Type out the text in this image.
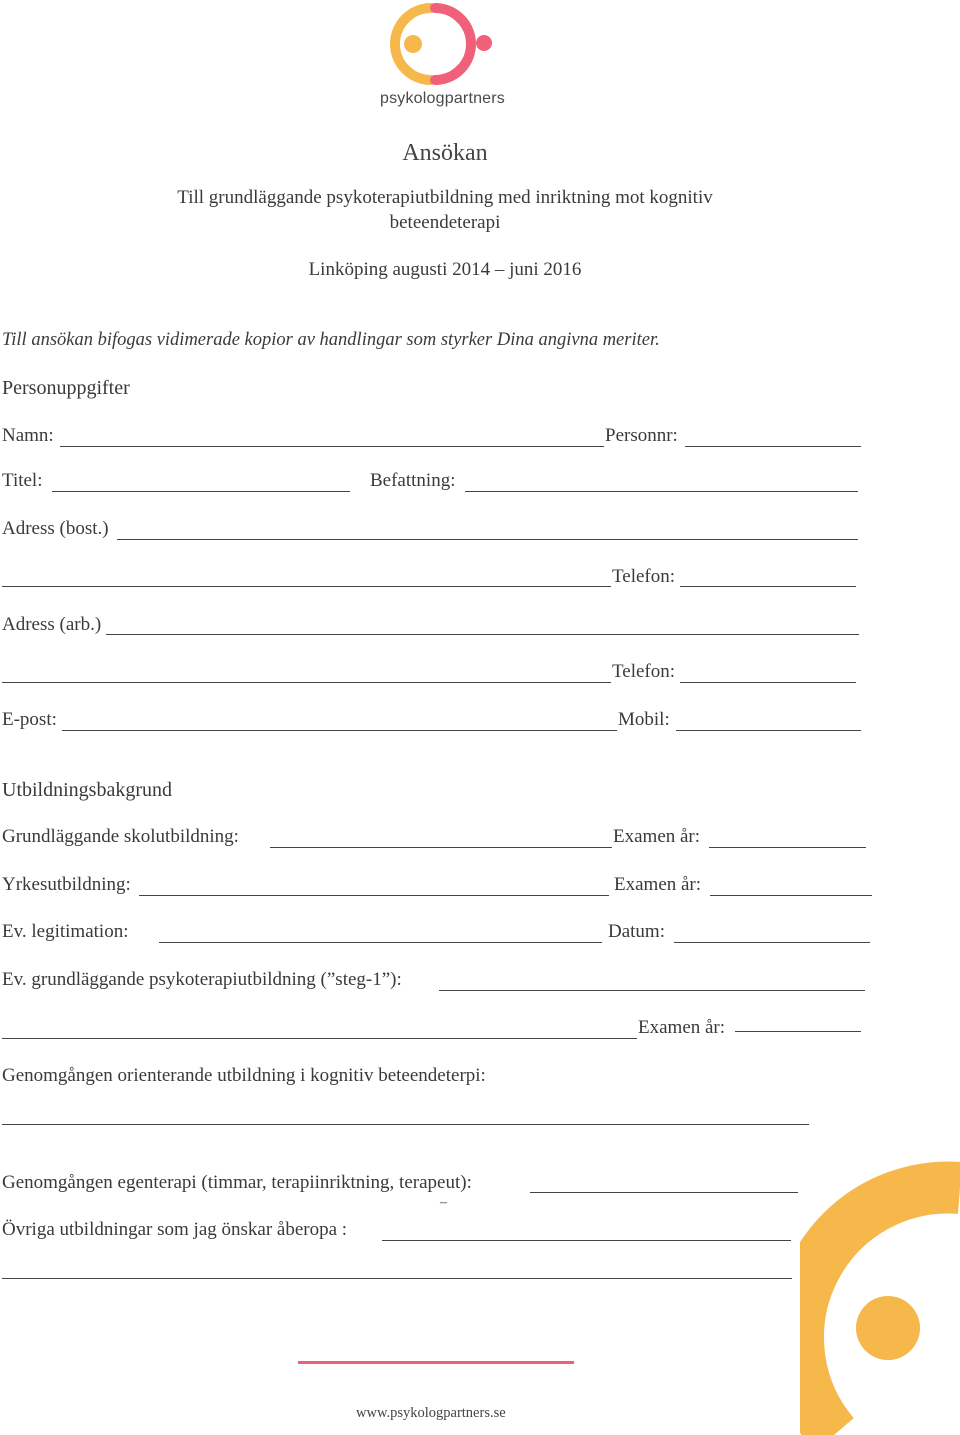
psykologpartners
Ansökan
Till grundläggande psykoterapiutbildning med inriktning mot kognitiv
beteendeterapi
Linköping augusti 2014 – juni 2016
Till ansökan bifogas vidimerade kopior av handlingar som styrker Dina angivna meriter.
Personuppgifter
Namn:	Personnr:
Titel:	Befattning:
Adress (bost.)
Telefon:
Adress (arb.)
Telefon:
E-post:	Mobil:
Utbildningsbakgrund
Grundläggande skolutbildning:	Examen år:
Yrkesutbildning:	Examen år:
Ev. legitimation:	Datum:
Ev. grundläggande psykoterapiutbildning (”steg-1”):
Examen år:
Genomgången orienterande utbildning i kognitiv beteendeterpi:
Genomgången egenterapi (timmar, terapiinriktning, terapeut):
–
Övriga utbildningar som jag önskar åberopa :
www.psykologpartners.se
